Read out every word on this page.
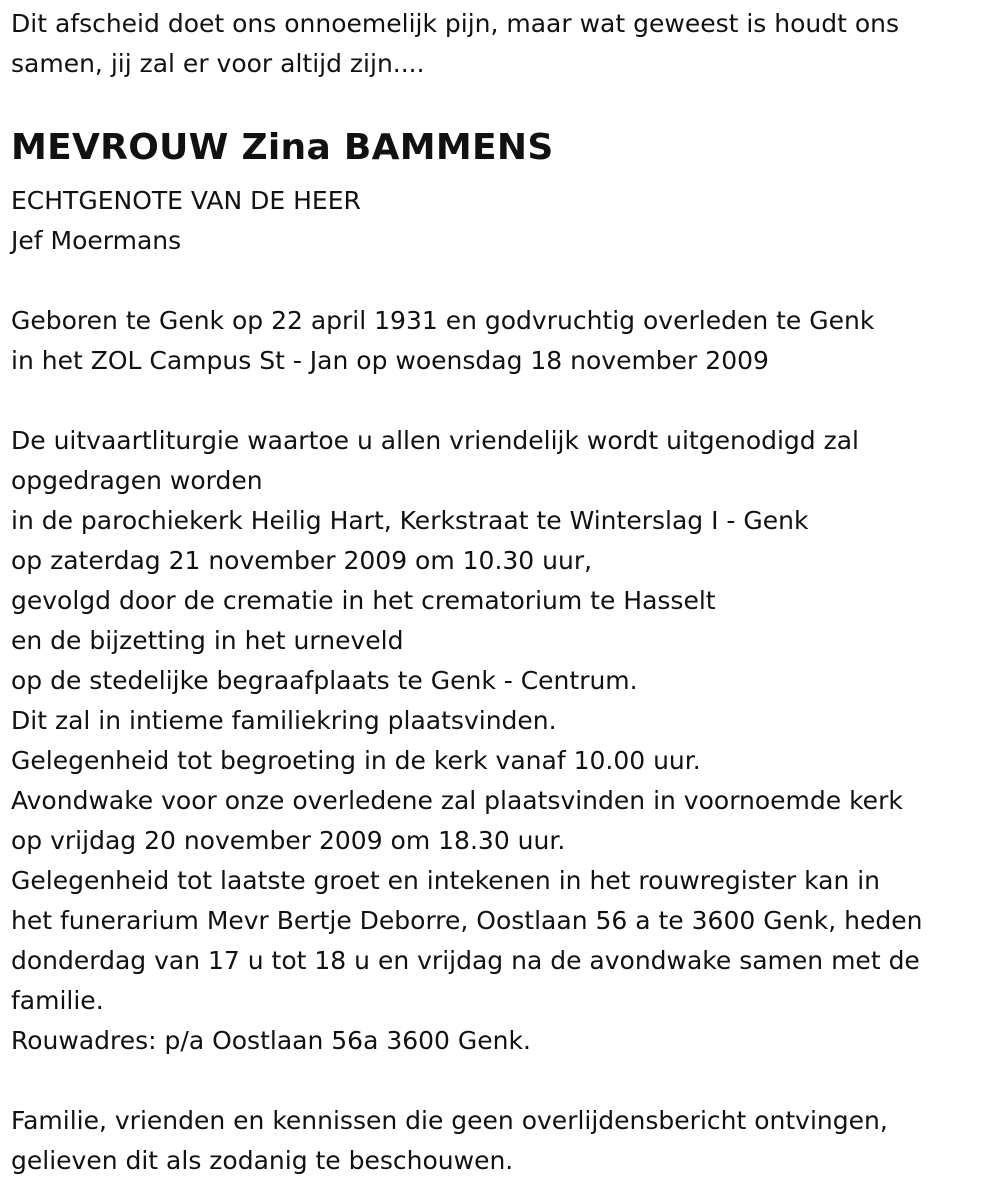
Dit afscheid doet ons onnoemelijk pijn, maar wat geweest is houdt ons
samen, jij zal er voor altijd zijn....
MEVROUW Zina BAMMENS
ECHTGENOTE VAN DE HEER
Jef Moermans
Geboren te Genk op 22 april 1931 en godvruchtig overleden te Genk
in het ZOL Campus St - Jan op woensdag 18 november 2009
De uitvaartliturgie waartoe u allen vriendelijk wordt uitgenodigd zal
opgedragen worden
in de parochiekerk Heilig Hart, Kerkstraat te Winterslag I - Genk
op zaterdag 21 november 2009 om 10.30 uur,
gevolgd door de crematie in het crematorium te Hasselt
en de bijzetting in het urneveld
op de stedelijke begraafplaats te Genk - Centrum.
Dit zal in intieme familiekring plaatsvinden.
Gelegenheid tot begroeting in de kerk vanaf 10.00 uur.
Avondwake voor onze overledene zal plaatsvinden in voornoemde kerk
op vrijdag 20 november 2009 om 18.30 uur.
Gelegenheid tot laatste groet en intekenen in het rouwregister kan in
het funerarium Mevr Bertje Deborre, Oostlaan 56 a te 3600 Genk, heden
donderdag van 17 u tot 18 u en vrijdag na de avondwake samen met de
familie.
Rouwadres: p/a Oostlaan 56a 3600 Genk.
Familie, vrienden en kennissen die geen overlijdensbericht ontvingen,
gelieven dit als zodanig te beschouwen.
